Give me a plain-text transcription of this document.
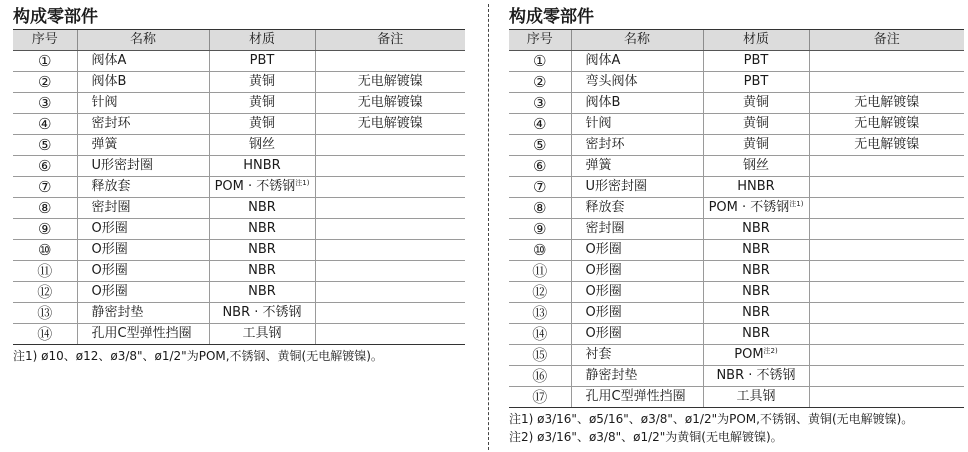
构成零部件
序号	名称	材质	备注
①	阀体A	PBT	
②	阀体B	黄铜	无电解镀镍
③	针阀	黄铜	无电解镀镍
④	密封环	黄铜	无电解镀镍
⑤	弹簧	钢丝	
⑥	U形密封圈	HNBR	
⑦	释放套	POM · 不锈钢$^{注1)}$	
⑧	密封圈	NBR	
⑨	O形圈	NBR	
⑩	O形圈	NBR	
⑪	O形圈	NBR	
⑫	O形圈	NBR	
⑬	静密封垫	NBR · 不锈钢	
⑭	孔用C型弹性挡圈	工具钢	
注1) ø10、ø12、ø3/8"、ø1/2"为POM,不锈钢、黄铜(无电解镀镍)。
构成零部件
序号	名称	材质	备注
①	阀体A	PBT	
②	弯头阀体	PBT	
③	阀体B	黄铜	无电解镀镍
④	针阀	黄铜	无电解镀镍
⑤	密封环	黄铜	无电解镀镍
⑥	弹簧	钢丝	
⑦	U形密封圈	HNBR	
⑧	释放套	POM · 不锈钢$^{注1)}$	
⑨	密封圈	NBR	
⑩	O形圈	NBR	
⑪	O形圈	NBR	
⑫	O形圈	NBR	
⑬	O形圈	NBR	
⑭	O形圈	NBR	
⑮	衬套	POM$^{注2)}$	
⑯	静密封垫	NBR · 不锈钢	
⑰	孔用C型弹性挡圈	工具钢	
注1) ø3/16"、ø5/16"、ø3/8"、ø1/2"为POM,不锈钢、黄铜(无电解镀镍)。
注2) ø3/16"、ø3/8"、ø1/2"为黄铜(无电解镀镍)。
